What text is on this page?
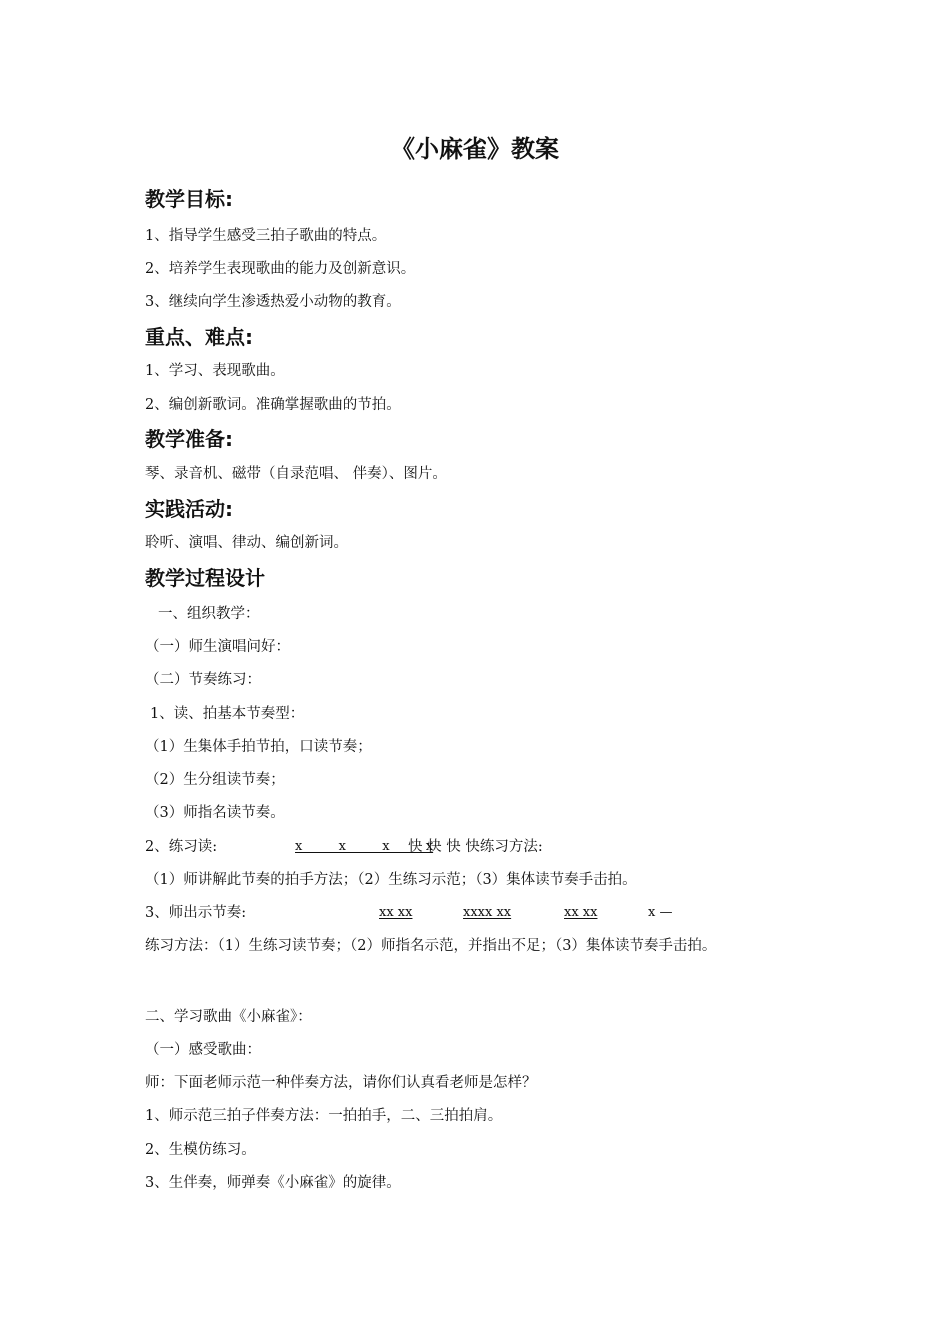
《小麻雀》教案
教学目标:

1、指导学生感受三拍子歌曲的特点。

2、培养学生表现歌曲的能力及创新意识。

3、继续向学生渗透热爱小动物的教育。

重点、难点:

1、学习、表现歌曲。

2、编创新歌词。准确掌握歌曲的节拍。

教学准备:

琴、录音机、磁带（自录范唱、 伴奏）、图片。

实践活动:

聆听、演唱、律动、编创新词。

教学过程设计

一、组织教学：

（一）师生演唱问好：

（二）节奏练习：

1、读、拍基本节奏型：

（1）生集体手拍节拍，口读节奏；

（2）生分组读节奏；

（3）师指名读节奏。

2、练习读:	x  x  x  x
快 快 快 快练习方法:

（1）师讲解此节奏的拍手方法；（2）生练习示范；（3）集体读节奏手击拍。

3、师出示节奏:	xx xx	xxxx xx	xx xx	x —

练习方法：（1）生练习读节奏；（2）师指名示范，并指出不足；（3）集体读节奏手击拍。

二、学习歌曲《小麻雀》：

（一）感受歌曲：

师：下面老师示范一种伴奏方法，请你们认真看老师是怎样？

1、师示范三拍子伴奏方法：一拍拍手，二、三拍拍肩。

2、生模仿练习。

3、生伴奏，师弹奏《小麻雀》的旋律。
